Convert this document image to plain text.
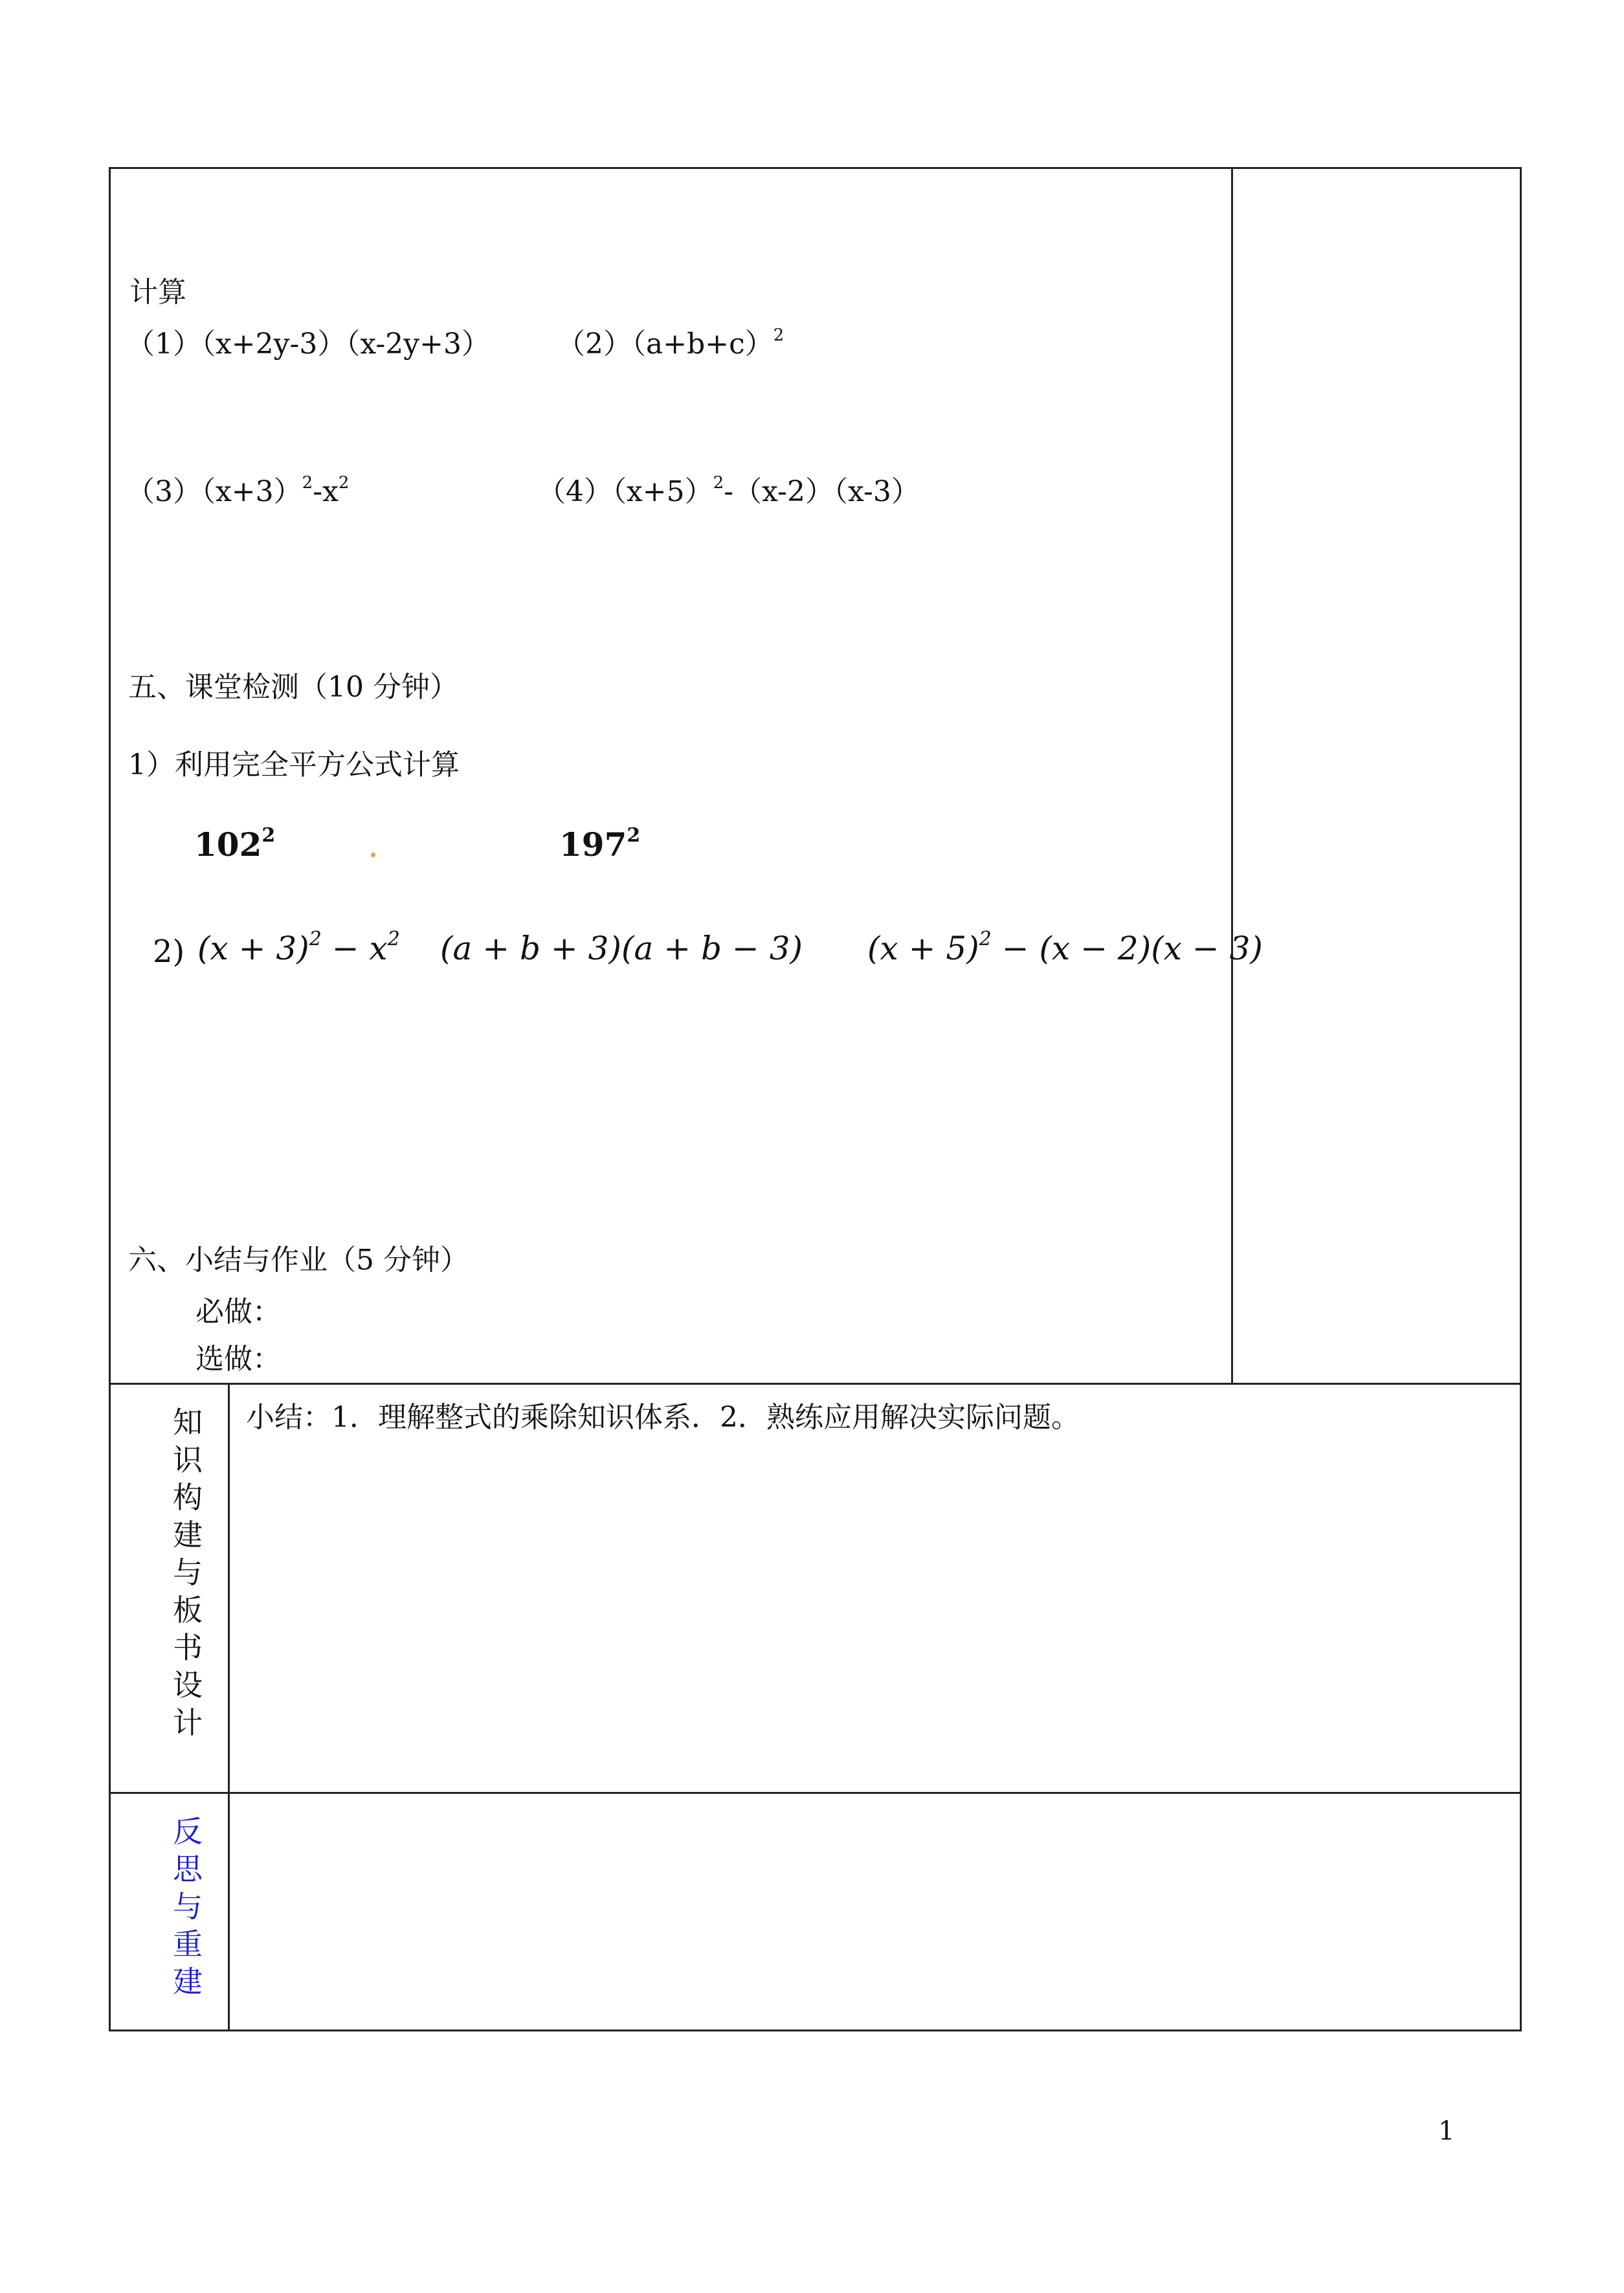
计算
（1）（x+2y-3）（x-2y+3） $(2)(a+b+c)^2$
$(3)(x+3)^2-x^2$	$(4)(x+5)^2-(x-2)(x-3)$
五、课堂检测（10 分钟）
1）利用完全平方公式计算
$102^2$	$197^2$
2) $(x + 3)^2 - x^2$ (a + b + 3)(a + b − 3) $(x + 5)^2 - (x - 2)(x - 3)$
六、小结与作业（5 分钟）
必做：
选做：
知
识
构
建
与
板
书
设
计
小结：1．理解整式的乘除知识体系．2．熟练应用解决实际问题。
反
思
与
重
建
1
